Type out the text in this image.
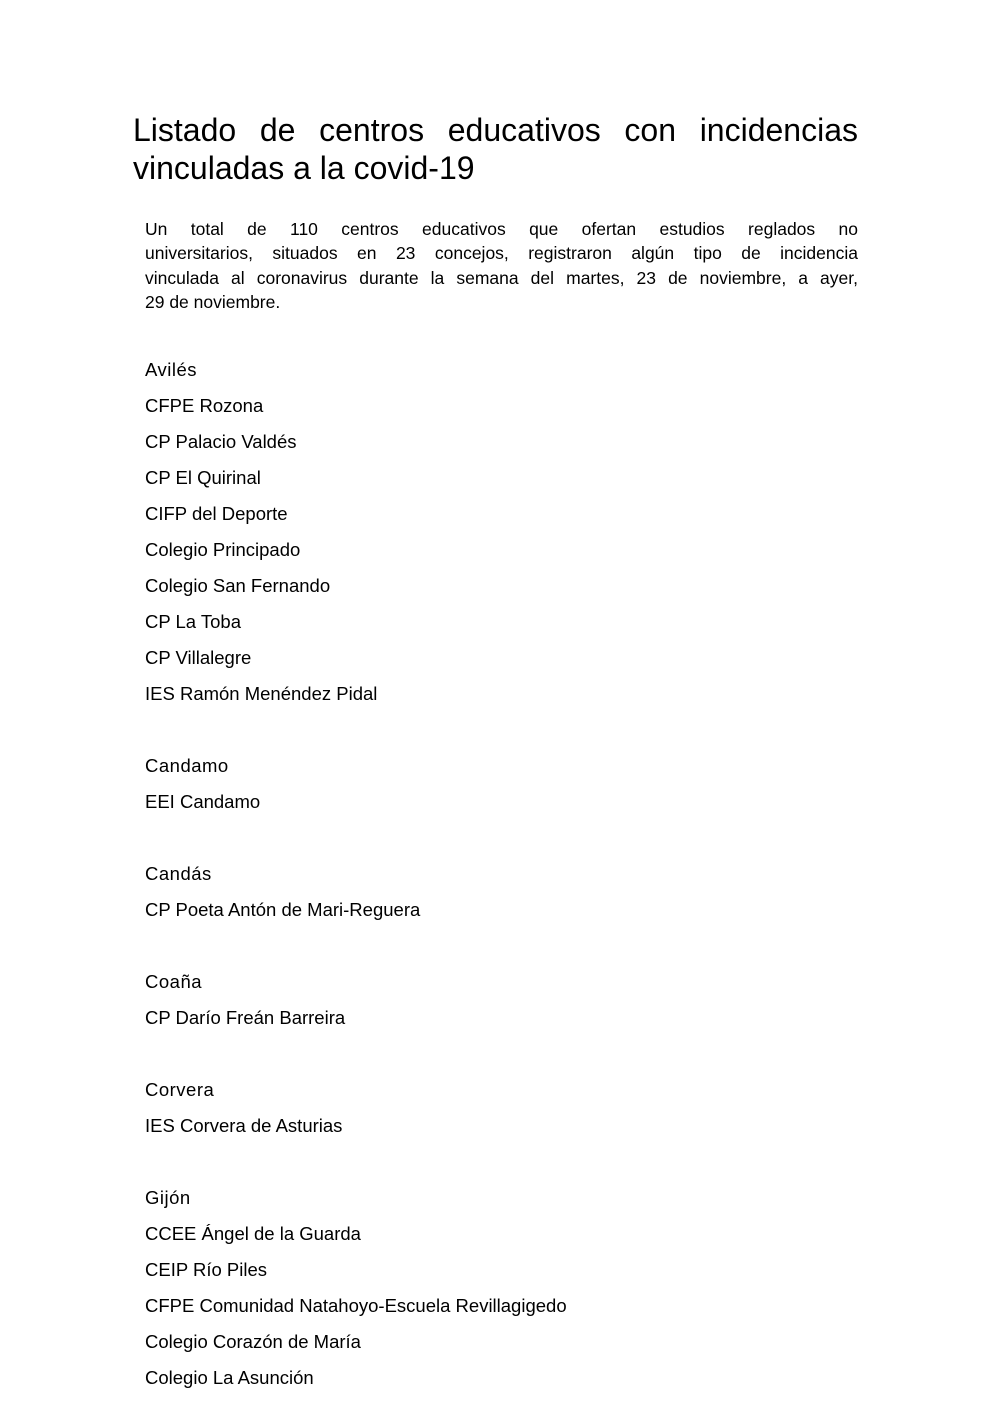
Listado de centros educativos con incidencias
vinculadas a la covid-19
Un total de 110 centros educativos que ofertan estudios reglados no
universitarios, situados en 23 concejos, registraron algún tipo de incidencia
vinculada al coronavirus durante la semana del martes, 23 de noviembre, a ayer,
29 de noviembre.
Avilés

CFPE Rozona

CP Palacio Valdés

CP El Quirinal

CIFP del Deporte

Colegio Principado

Colegio San Fernando

CP La Toba

CP Villalegre

IES Ramón Menéndez Pidal

Candamo

EEI Candamo

Candás

CP Poeta Antón de Mari-Reguera

Coaña

CP Darío Freán Barreira

Corvera

IES Corvera de Asturias

Gijón

CCEE Ángel de la Guarda

CEIP Río Piles

CFPE Comunidad Natahoyo-Escuela Revillagigedo

Colegio Corazón de María

Colegio La Asunción
